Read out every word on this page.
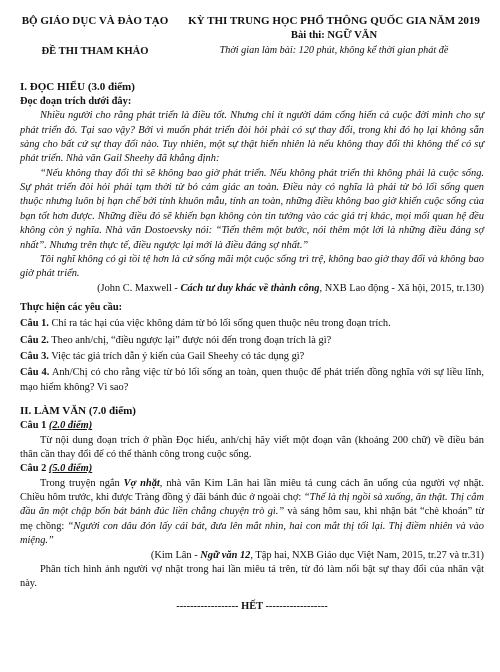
BỘ GIÁO DỤC VÀ ĐÀO TẠO
ĐỀ THI THAM KHẢO
KỲ THI TRUNG HỌC PHỔ THÔNG QUỐC GIA NĂM 2019
Bài thi: NGỮ VĂN
Thời gian làm bài: 120 phút, không kể thời gian phát đề
I. ĐỌC HIỂU (3.0 điểm)

Đọc đoạn trích dưới đây:

Nhiều người cho rằng phát triển là điều tốt. Nhưng chỉ ít người dám cống hiến cả cuộc đời mình cho sự phát triển đó. Tại sao vậy? Bởi vì muốn phát triển đòi hỏi phải có sự thay đổi, trong khi đó họ lại không sẵn sàng cho bất cứ sự thay đổi nào. Tuy nhiên, một sự thật hiển nhiên là nếu không thay đổi thì không thể có sự phát triển. Nhà văn Gail Sheehy đã khẳng định:

“Nếu không thay đổi thì sẽ không bao giờ phát triển. Nếu không phát triển thì không phải là cuộc sống. Sự phát triển đòi hỏi phải tạm thời từ bỏ cảm giác an toàn. Điều này có nghĩa là phải từ bỏ lối sống quen thuộc nhưng luôn bị hạn chế bởi tính khuôn mẫu, tính an toàn, những điều không bao giờ khiến cuộc sống của bạn tốt hơn được. Những điều đó sẽ khiến bạn không còn tin tưởng vào các giá trị khác, mọi mối quan hệ đều không còn ý nghĩa. Nhà văn Dostoevsky nói: “Tiến thêm một bước, nói thêm một lời là những điều đáng sợ nhất”. Nhưng trên thực tế, điều ngược lại mới là điều đáng sợ nhất.”

Tôi nghĩ không có gì tồi tệ hơn là cứ sống mãi một cuộc sống trì trệ, không bao giờ thay đổi và không bao giờ phát triển.

(John C. Maxwell - Cách tư duy khác về thành công, NXB Lao động - Xã hội, 2015, tr.130)

Thực hiện các yêu cầu:

Câu 1. Chỉ ra tác hại của việc không dám từ bỏ lối sống quen thuộc nêu trong đoạn trích.

Câu 2. Theo anh/chị, “điều ngược lại” được nói đến trong đoạn trích là gì?

Câu 3. Việc tác giả trích dẫn ý kiến của Gail Sheehy có tác dụng gì?

Câu 4. Anh/Chị có cho rằng việc từ bỏ lối sống an toàn, quen thuộc để phát triển đồng nghĩa với sự liều lĩnh, mạo hiểm không? Vì sao?

II. LÀM VĂN (7.0 điểm)

Câu 1 (2.0 điểm)

Từ nội dung đoạn trích ở phần Đọc hiểu, anh/chị hãy viết một đoạn văn (khoảng 200 chữ) về điều bản thân cần thay đổi để có thể thành công trong cuộc sống.

Câu 2 (5.0 điểm)

Trong truyện ngắn Vợ nhặt, nhà văn Kim Lân hai lần miêu tả cung cách ăn uống của người vợ nhặt. Chiều hôm trước, khi được Tràng đồng ý đãi bánh đúc ở ngoài chợ: “Thế là thị ngồi sà xuống, ăn thật. Thị cắm đầu ăn một chập bốn bát bánh đúc liền chẳng chuyện trò gì.” và sáng hôm sau, khi nhận bát “chè khoán” từ mẹ chồng: “Người con dâu đón lấy cái bát, đưa lên mắt nhìn, hai con mắt thị tối lại. Thị điềm nhiên và vào miệng.”

(Kim Lân - Ngữ văn 12, Tập hai, NXB Giáo dục Việt Nam, 2015, tr.27 và tr.31)

Phân tích hình ảnh người vợ nhặt trong hai lần miêu tả trên, từ đó làm nổi bật sự thay đổi của nhân vật này.

------------------ HẾT ------------------
